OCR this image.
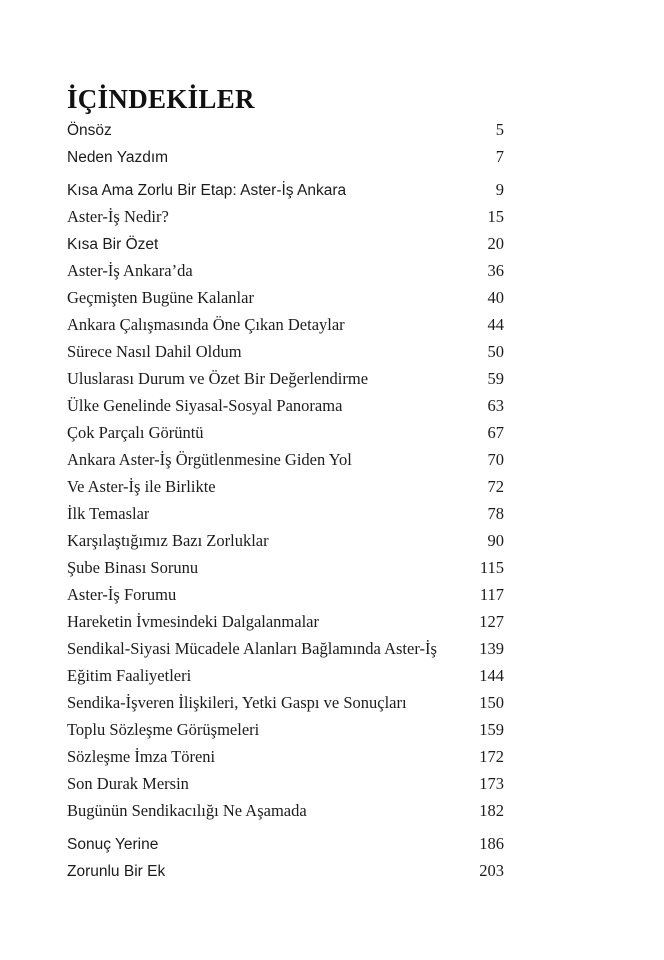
İÇİNDEKİLER
Önsöz	5
Neden Yazdım	7
Kısa Ama Zorlu Bir Etap: Aster-İş Ankara	9
Aster-İş Nedir?	15
Kısa Bir Özet	20
Aster-İş Ankara’da	36
Geçmişten Bugüne Kalanlar	40
Ankara Çalışmasında Öne Çıkan Detaylar	44
Sürece Nasıl Dahil Oldum	50
Uluslarası Durum ve Özet Bir Değerlendirme	59
Ülke Genelinde Siyasal-Sosyal Panorama	63
Çok Parçalı Görüntü	67
Ankara Aster-İş Örgütlenmesine Giden Yol	70
Ve Aster-İş ile Birlikte	72
İlk Temaslar	78
Karşılaştığımız Bazı Zorluklar	90
Şube Binası Sorunu	115
Aster-İş Forumu	117
Hareketin İvmesindeki Dalgalanmalar	127
Sendikal-Siyasi Mücadele Alanları Bağlamında Aster-İş	139
Eğitim Faaliyetleri	144
Sendika-İşveren İlişkileri, Yetki Gaspı ve Sonuçları	150
Toplu Sözleşme Görüşmeleri	159
Sözleşme İmza Töreni	172
Son Durak Mersin	173
Bugünün Sendikacılığı Ne Aşamada	182
Sonuç Yerine	186
Zorunlu Bir Ek	203
